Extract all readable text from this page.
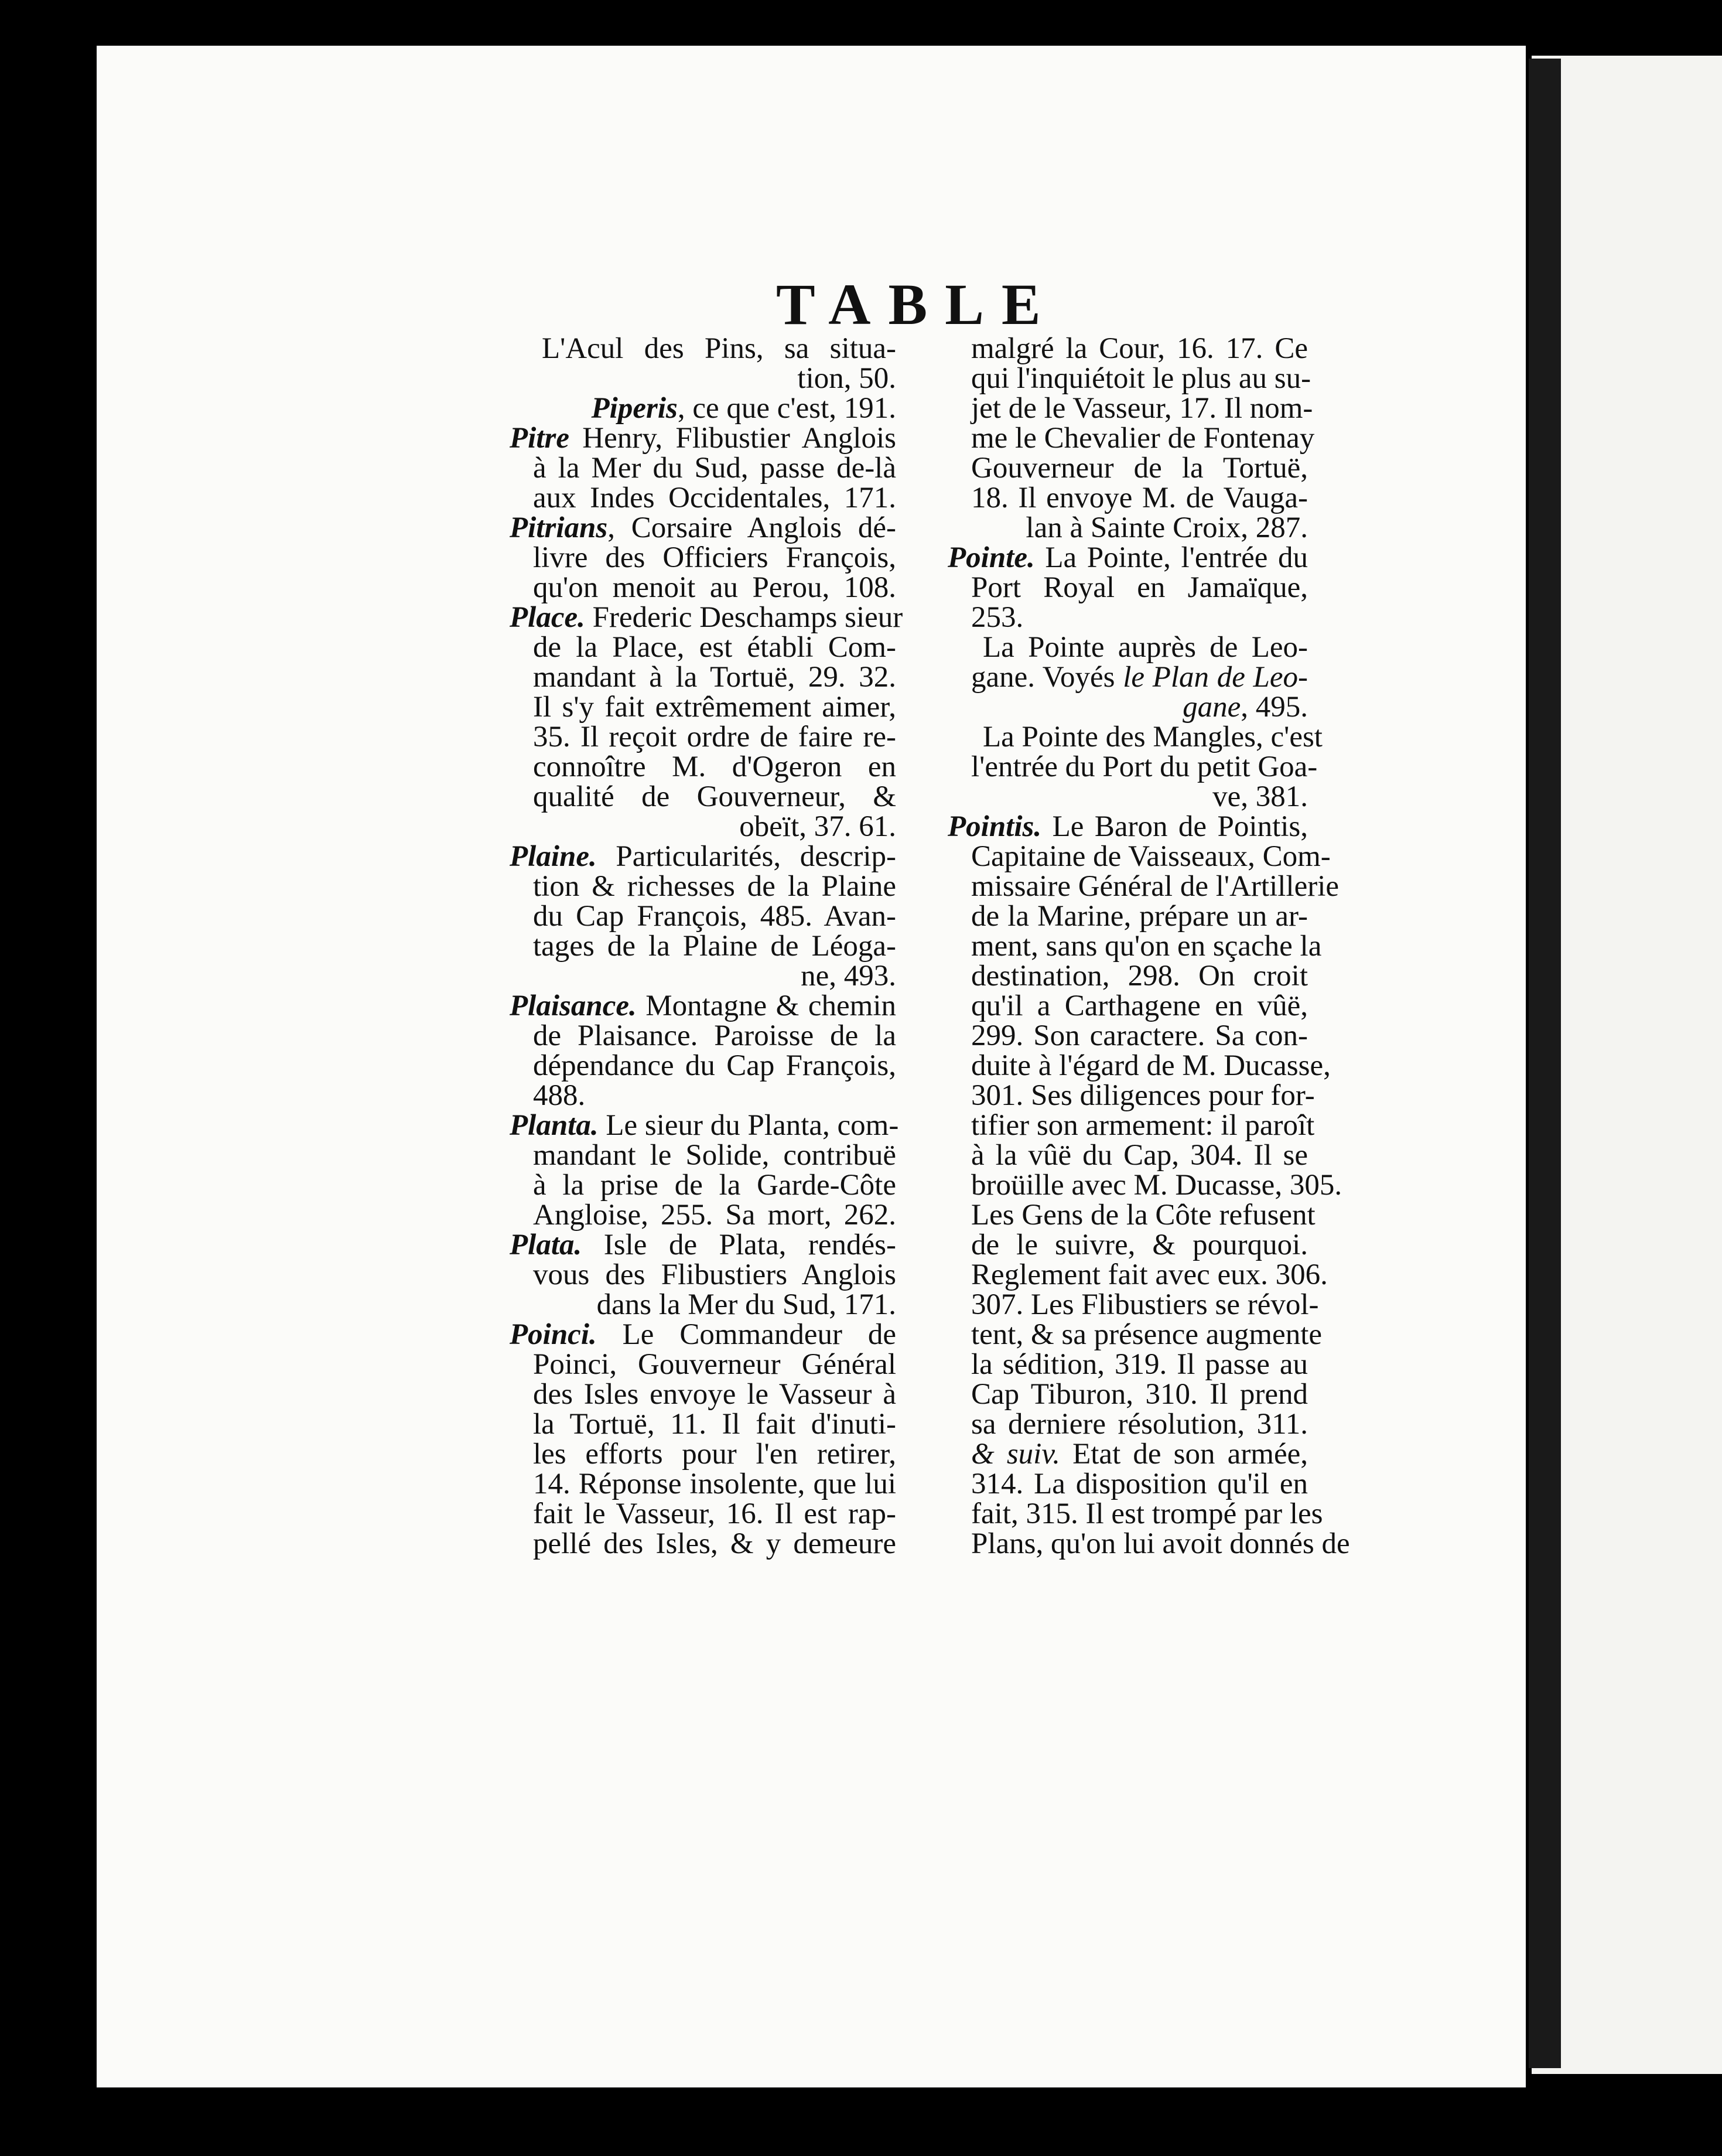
TABLE
L'Acul des Pins, sa situa-
tion, 50.
Piperis, ce que c'est, 191.
Pitre Henry, Flibustier Anglois
à la Mer du Sud, passe de-là
aux Indes Occidentales, 171.
Pitrians, Corsaire Anglois dé-
livre des Officiers François,
qu'on menoit au Perou, 108.
Place. Frederic Deschamps sieur
de la Place, est établi Com-
mandant à la Tortuë, 29. 32.
Il s'y fait extrêmement aimer,
35. Il reçoit ordre de faire re-
connoître M. d'Ogeron en
qualité de Gouverneur, &
obeït, 37. 61.
Plaine. Particularités, descrip-
tion & richesses de la Plaine
du Cap François, 485. Avan-
tages de la Plaine de Léoga-
ne, 493.
Plaisance. Montagne & chemin
de Plaisance. Paroisse de la
dépendance du Cap François,
488.
Planta. Le sieur du Planta, com-
mandant le Solide, contribuë
à la prise de la Garde-Côte
Angloise, 255. Sa mort, 262.
Plata. Isle de Plata, rendés-
vous des Flibustiers Anglois
dans la Mer du Sud, 171.
Poinci. Le Commandeur de
Poinci, Gouverneur Général
des Isles envoye le Vasseur à
la Tortuë, 11. Il fait d'inuti-
les efforts pour l'en retirer,
14. Réponse insolente, que lui
fait le Vasseur, 16. Il est rap-
pellé des Isles, & y demeure
malgré la Cour, 16. 17. Ce
qui l'inquiétoit le plus au su-
jet de le Vasseur, 17. Il nom-
me le Chevalier de Fontenay
Gouverneur de la Tortuë,
18. Il envoye M. de Vauga-
lan à Sainte Croix, 287.
Pointe. La Pointe, l'entrée du
Port Royal en Jamaïque,
253.
La Pointe auprès de Leo-
gane. Voyés le Plan de Leo-
gane, 495.
La Pointe des Mangles, c'est
l'entrée du Port du petit Goa-
ve, 381.
Pointis. Le Baron de Pointis,
Capitaine de Vaisseaux, Com-
missaire Général de l'Artillerie
de la Marine, prépare un ar-
ment, sans qu'on en sçache la
destination, 298. On croit
qu'il a Carthagene en vûë,
299. Son caractere. Sa con-
duite à l'égard de M. Ducasse,
301. Ses diligences pour for-
tifier son armement: il paroît
à la vûë du Cap, 304. Il se
broüille avec M. Ducasse, 305.
Les Gens de la Côte refusent
de le suivre, & pourquoi.
Reglement fait avec eux. 306.
307. Les Flibustiers se révol-
tent, & sa présence augmente
la sédition, 319. Il passe au
Cap Tiburon, 310. Il prend
sa derniere résolution, 311.
& suiv. Etat de son armée,
314. La disposition qu'il en
fait, 315. Il est trompé par les
Plans, qu'on lui avoit donnés de
